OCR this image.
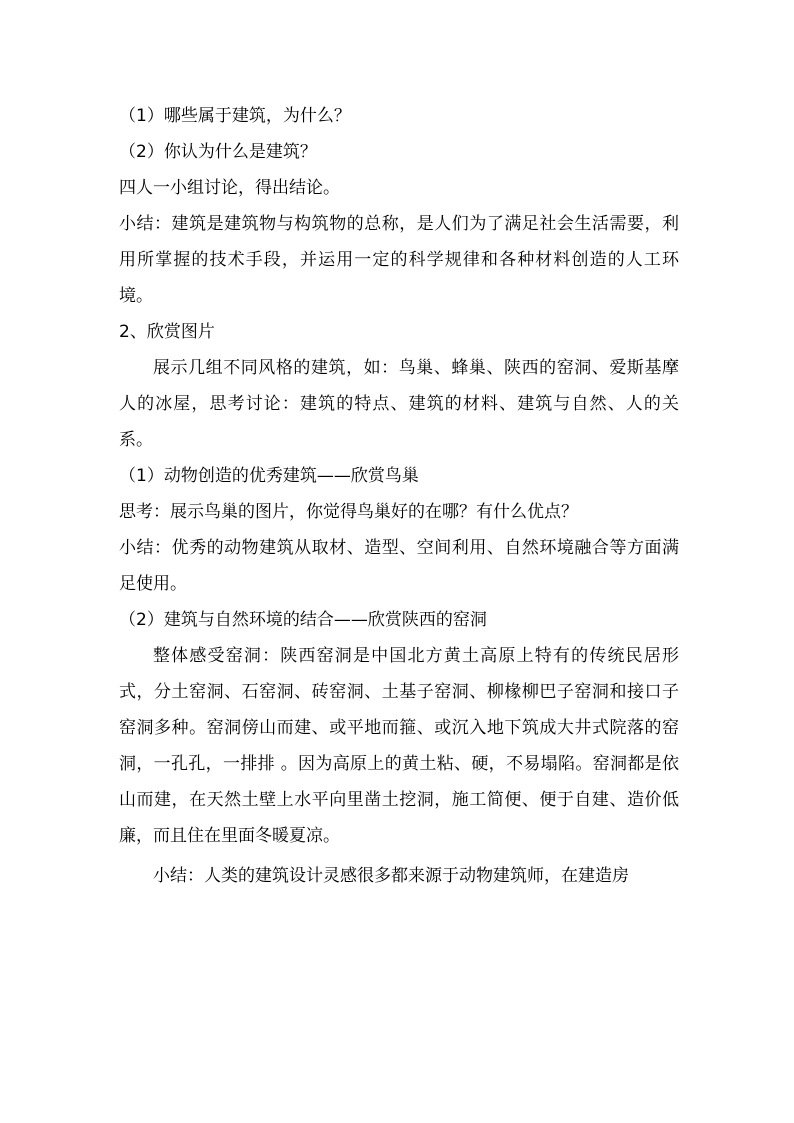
（1）哪些属于建筑，为什么？

（2）你认为什么是建筑？

四人一小组讨论，得出结论。

小结：建筑是建筑物与构筑物的总称，是人们为了满足社会生活需要，利用所掌握的技术手段，并运用一定的科学规律和各种材料创造的人工环境。

2、欣赏图片

展示几组不同风格的建筑，如：鸟巢、蜂巢、陕西的窑洞、爱斯基摩人的冰屋，思考讨论：建筑的特点、建筑的材料、建筑与自然、人的关系。

（1）动物创造的优秀建筑——欣赏鸟巢

思考：展示鸟巢的图片，你觉得鸟巢好的在哪？有什么优点？

小结：优秀的动物建筑从取材、造型、空间利用、自然环境融合等方面满足使用。

（2）建筑与自然环境的结合——欣赏陕西的窑洞

整体感受窑洞：陕西窑洞是中国北方黄土高原上特有的传统民居形式，分土窑洞、石窑洞、砖窑洞、土基子窑洞、柳椽柳巴子窑洞和接口子窑洞多种。窑洞傍山而建、或平地而箍、或沉入地下筑成大井式院落的窑洞，一孔孔，一排排 。因为高原上的黄土粘、硬，不易塌陷。窑洞都是依山而建，在天然土壁上水平向里凿土挖洞，施工简便、便于自建、造价低廉，而且住在里面冬暖夏凉。

小结：人类的建筑设计灵感很多都来源于动物建筑师，在建造房
